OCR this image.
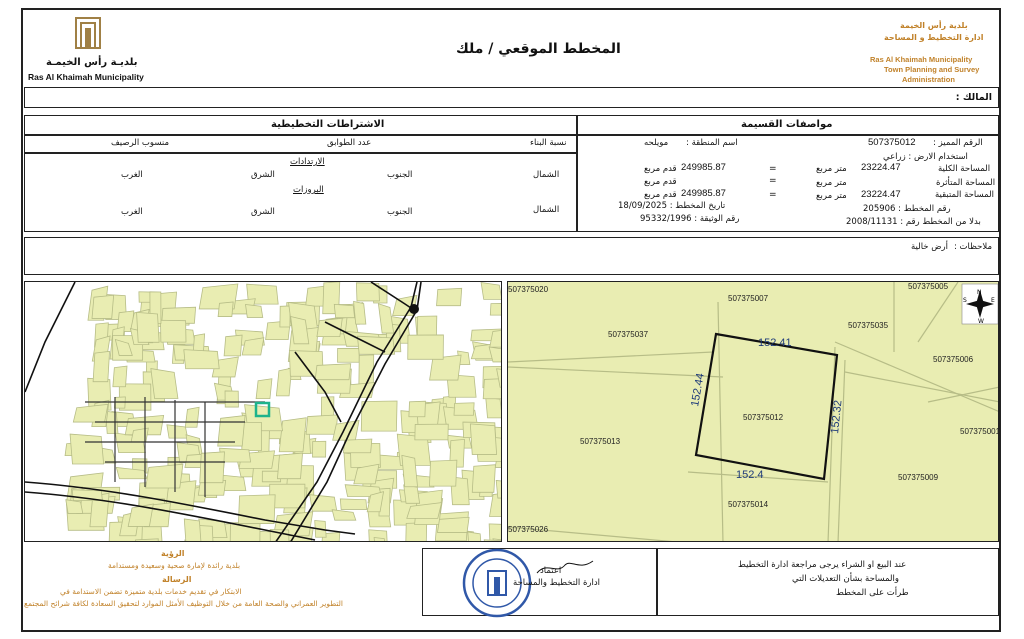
بلديـة رأس الخيمـة
Ras Al Khaimah Municipality
المخطط الموقعي / ملك
بلدية رأس الخيمة
ادارة التخطيط و المساحة
Ras Al Khaimah Municipality
Town Planning and Survey
Administration
المالك :
الاشتراطات التخطيطية
نسبة البناء
عدد الطوابق
منسوب الرصيف
الارتدادات
الشمال
الجنوب
الشرق
الغرب
البروزات
الشمال
الجنوب
الشرق
الغرب
مواصفات القسيمة
الرقم المميز :
507375012
اسم المنطقة :
مويلحه
استخدام الارض : زراعي
المساحة الكلية
23224.47
متر مربع
=
249985.87
قدم مربع
المساحة المتأثرة
متر مربع
=
قدم مربع
المساحة المتبقية
23224.47
متر مربع
=
249985.87
قدم مربع
رقم المخطط : 205906
تاريخ المخطط : 18/09/2025
رقم الوثيقة : 95332/1996	بدلا من المخطط رقم : 2008/11131
ملاحظات :
أرض خالية
152.41
152.44
152.32
152.4
507375020
507375007
507375005
507375037
507375035
507375006
507375012
507375013
507375001
507375009
507375014
507375026
N
S	E
W
الرؤية
بلدية رائدة لإمارة صحية وسعيدة ومستدامة
الرسالة
الابتكار في تقديم خدمات بلدية متميزة تضمن الاستدامة في
التطوير العمراني والصحة العامة من خلال التوظيف الأمثل الموارد لتحقيق السعادة لكافة شرائح المجتمع
اعتماد
ادارة التخطيط والمساحة
عند البيع او الشراء يرجى مراجعة ادارة التخطيط
والمساحة بشأن التعديلات التي
طرأت على المخطط
